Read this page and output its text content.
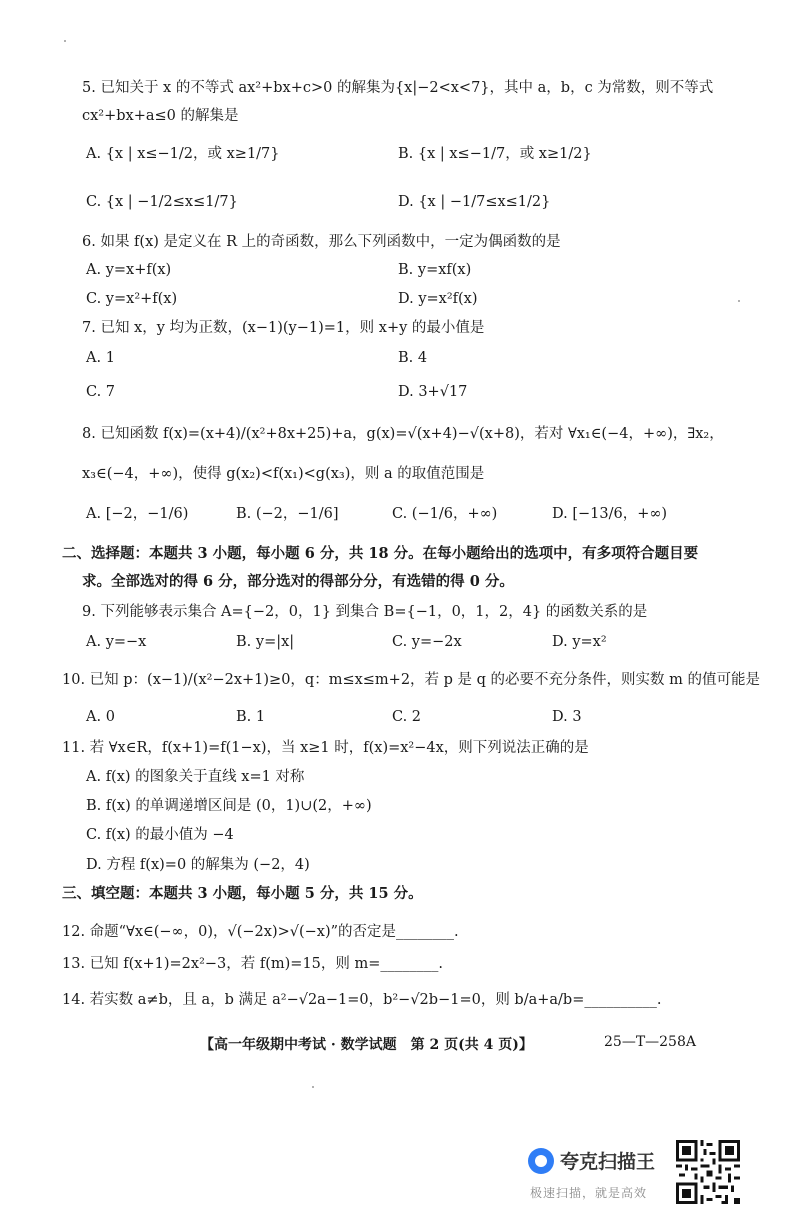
5. 已知关于 x 的不等式 ax²+bx+c>0 的解集为{x|−2<x<7}，其中 a，b，c 为常数，则不等式
cx²+bx+a≤0 的解集是
A. {x | x≤−1/2，或 x≥1/7}	B. {x | x≤−1/7，或 x≥1/2}
C. {x | −1/2≤x≤1/7}	D. {x | −1/7≤x≤1/2}
6. 如果 f(x) 是定义在 R 上的奇函数，那么下列函数中，一定为偶函数的是
A. y=x+f(x)	B. y=xf(x)
C. y=x²+f(x)	D. y=x²f(x)
7. 已知 x，y 均为正数，(x−1)(y−1)=1，则 x+y 的最小值是
A. 1	B. 4
C. 7	D. 3+√17
8. 已知函数 f(x)=(x+4)/(x²+8x+25)+a，g(x)=√(x+4)−√(x+8)，若对 ∀x₁∈(−4，+∞)，∃x₂，
x₃∈(−4，+∞)，使得 g(x₂)<f(x₁)<g(x₃)，则 a 的取值范围是
A. [−2，−1/6)	B. (−2，−1/6]	C. (−1/6，+∞)	D. [−13/6，+∞)
二、选择题：本题共 3 小题，每小题 6 分，共 18 分。在每小题给出的选项中，有多项符合题目要
求。全部选对的得 6 分，部分选对的得部分分，有选错的得 0 分。
9. 下列能够表示集合 A={−2，0，1} 到集合 B={−1，0，1，2，4} 的函数关系的是
A. y=−x	B. y=|x|	C. y=−2x	D. y=x²
10. 已知 p：(x−1)/(x²−2x+1)≥0，q：m≤x≤m+2，若 p 是 q 的必要不充分条件，则实数 m 的值可能是
A. 0	B. 1	C. 2	D. 3
11. 若 ∀x∈R，f(x+1)=f(1−x)，当 x≥1 时，f(x)=x²−4x，则下列说法正确的是
A. f(x) 的图象关于直线 x=1 对称
B. f(x) 的单调递增区间是 (0，1)∪(2，+∞)
C. f(x) 的最小值为 −4
D. 方程 f(x)=0 的解集为 (−2，4)
三、填空题：本题共 3 小题，每小题 5 分，共 15 分。
12. 命题“∀x∈(−∞，0)，√(−2x)>√(−x)”的否定是________.
13. 已知 f(x+1)=2x²−3，若 f(m)=15，则 m=________.
14. 若实数 a≠b，且 a，b 满足 a²−√2a−1=0，b²−√2b−1=0，则 b/a+a/b=__________.
【高一年级期中考试 · 数学试题　第 2 页(共 4 页)】	25—T—258A
夸克扫描王
极速扫描，就是高效
